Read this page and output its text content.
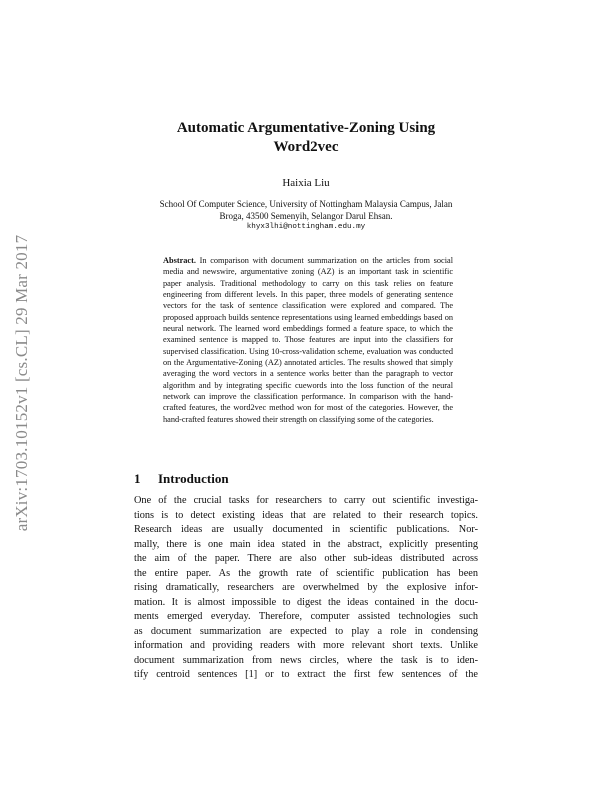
arXiv:1703.10152v1 [cs.CL] 29 Mar 2017
Automatic Argumentative-Zoning Using
Word2vec
Haixia Liu
School Of Computer Science, University of Nottingham Malaysia Campus, Jalan
Broga, 43500 Semenyih, Selangor Darul Ehsan.
khyx3lhi@nottingham.edu.my
Abstract. In comparison with document summarization on the articles from social media and newswire, argumentative zoning (AZ) is an important task in scientific paper analysis. Traditional methodology to carry on this task relies on feature engineering from different levels. In this paper, three models of generating sentence vectors for the task of sentence classification were explored and compared. The proposed approach builds sentence representations using learned embeddings based on neural network. The learned word embeddings formed a feature space, to which the examined sentence is mapped to. Those features are input into the classifiers for supervised classification. Using 10-cross-validation scheme, evaluation was conducted on the Argumentative-Zoning (AZ) annotated articles. The results showed that simply averaging the word vectors in a sentence works better than the paragraph to vector algorithm and by integrating specific cuewords into the loss function of the neural network can improve the classification performance. In comparison with the hand-crafted features, the word2vec method won for most of the categories. However, the hand-crafted features showed their strength on classifying some of the categories.
1 Introduction
One of the crucial tasks for researchers to carry out scientific investiga-
tions is to detect existing ideas that are related to their research topics.
Research ideas are usually documented in scientific publications. Nor-
mally, there is one main idea stated in the abstract, explicitly presenting
the aim of the paper. There are also other sub-ideas distributed across
the entire paper. As the growth rate of scientific publication has been
rising dramatically, researchers are overwhelmed by the explosive infor-
mation. It is almost impossible to digest the ideas contained in the docu-
ments emerged everyday. Therefore, computer assisted technologies such
as document summarization are expected to play a role in condensing
information and providing readers with more relevant short texts. Unlike
document summarization from news circles, where the task is to iden-
tify centroid sentences [1] or to extract the first few sentences of the
